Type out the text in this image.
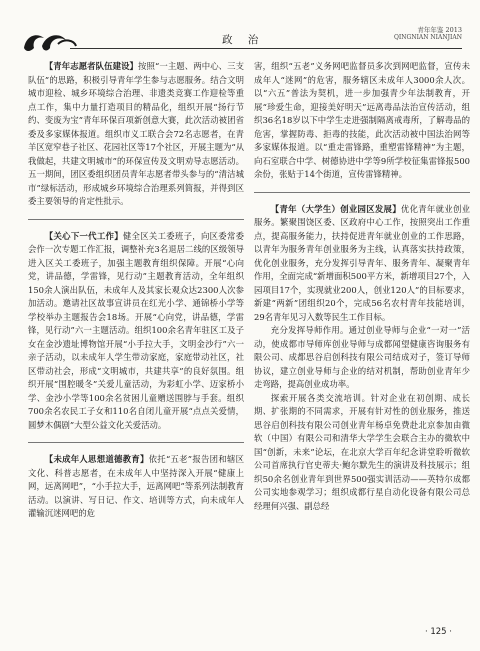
政 治
青年年鉴 2013
QINGNIAN NIANJIAN

【青年志愿者队伍建设】按照“一主题、两中心、三支队伍”的思路，积极引导青年学生参与志愿服务。结合文明城市迎检、城乡环境综合治理、非遗类竞赛工作迎检等重点工作，集中力量打造项目的精品化，组织开展“扬行节约、变废为宝”青年环保百项新创意大赛，此次活动被团省委及多家媒体报道。组织市义工联合会72名志愿者，在青羊区宽窄巷子社区、花园社区等17个社区，开展主题为“从我做起，共建文明城市”的环保宣传及文明劝导志愿活动。五一期间，团区委组织团员青年志愿者带头参与的“清洁城市”绿标活动，形成城乡环境综合治理系列简报，并得到区委主要领导的肯定性批示。

【关心下一代工作】健全区关工委班子，向区委常委会作一次专题工作汇报，调整补充3名退居二线的区级领导进入区关工委班子，加强主题教育组织保障。开展“心向党，讲品德，学雷锋，见行动”主题教育活动，全年组织150余人演出队伍，未成年人及其家长观众达2300人次参加活动。邀请社区故事宣讲员在红光小学、通锦桥小学等学校举办主题报告会18场。开展“心向党，讲品德，学雷锋，见行动”六一主题活动。组织100余名青年驻区工及子女在金沙遗址博物馆开展“小手拉大手，文明金沙行”六一亲子活动，以未成年人学生带动家庭，家庭带动社区，社区带动社会，形成“文明城市，共建共享”的良好氛围。组织开展“围腔暖冬”关爱儿童活动，为彩虹小学、迈家桥小学、金沙小学等100余名贫困儿童赠送围脖与手套。组织700余名农民工子女和110名自闭儿童开展“点点关爱情，圆梦木偶剧”大型公益文化关爱活动。

【未成年人思想道德教育】依托“五老”报告团和辖区文化、科普志愿者，在未成年人中坚持深入开展“健康上网，远离网吧”，“小手拉大手，远离网吧”等系列法制教育活动。以演讲、写日记、作文、培训等方式，向未成年人灌输沉迷网吧的危

害，组织“五老”义务网吧监督员多次到网吧监督，宣传未成年人“迷网”的危害，服务辖区未成年人3000余人次。以“六五”普法为契机，进一步加强青少年法制教育，开展“珍爱生命，迎接美好明天”远离毒品法治宣传活动，组织36名18岁以下中学生走进强制隔离戒毒所，了解毒品的危害，掌握防毒、拒毒的技能，此次活动被中国法治网等多家媒体报道。以“重走雷锋路，重塑雷锋精神”为主题，向石室联合中学、树德协进中学等9所学校征集雷锋报500余份，张贴于14个街道，宣传雷锋精神。

【青年（大学生）创业园区发展】优化青年就业创业服务。繁聚围饶区委、区政府中心工作，按照突出工作重点，提高服务能力，扶持促进青年就业创业的工作思路，以青年为服务青年创业服务为主线，认真落实扶持政策，优化创业服务，充分发挥引导青年、服务青年、凝聚青年作用，全面完成“新增面积500平方米，新增项目27个，入园项目17个，实现就业200人，创业120人”的目标要求，新建“两新”团组织20个，完成56名农村青年技能培训，29名青年见习入数等民生工作目标。

充分发挥导师作用。通过创业导师与企业“一对一”活动，使成都市导师库创业导师与成都闻望健康咨询服务有限公司、成都思谷启创科技有限公司结成对子，签订导师协议，建立创业导师与企业的结对机制，帮助创业青年少走弯路，提高创业成功率。

探索开展各类交流培训。针对企业在初创期、成长期、扩张期的不同需求，开展有针对性的创业服务，推送思谷启创科技有限公司创业青年杨卓免费赴北京参加由微软（中国）有限公司和清华大学学生会联合主办的微软中国“创新，未来”论坛，在北京大学百年纪念讲堂聆听微软公司首席执行官史蒂夫·鲍尔默先生的演讲及科技展示；组织50余名创业青年到世界500强实训活动——英特尔成都公司实地参观学习；组织成都行星自动化设备有限公司总经理何兴强、副总经

· 125 ·
